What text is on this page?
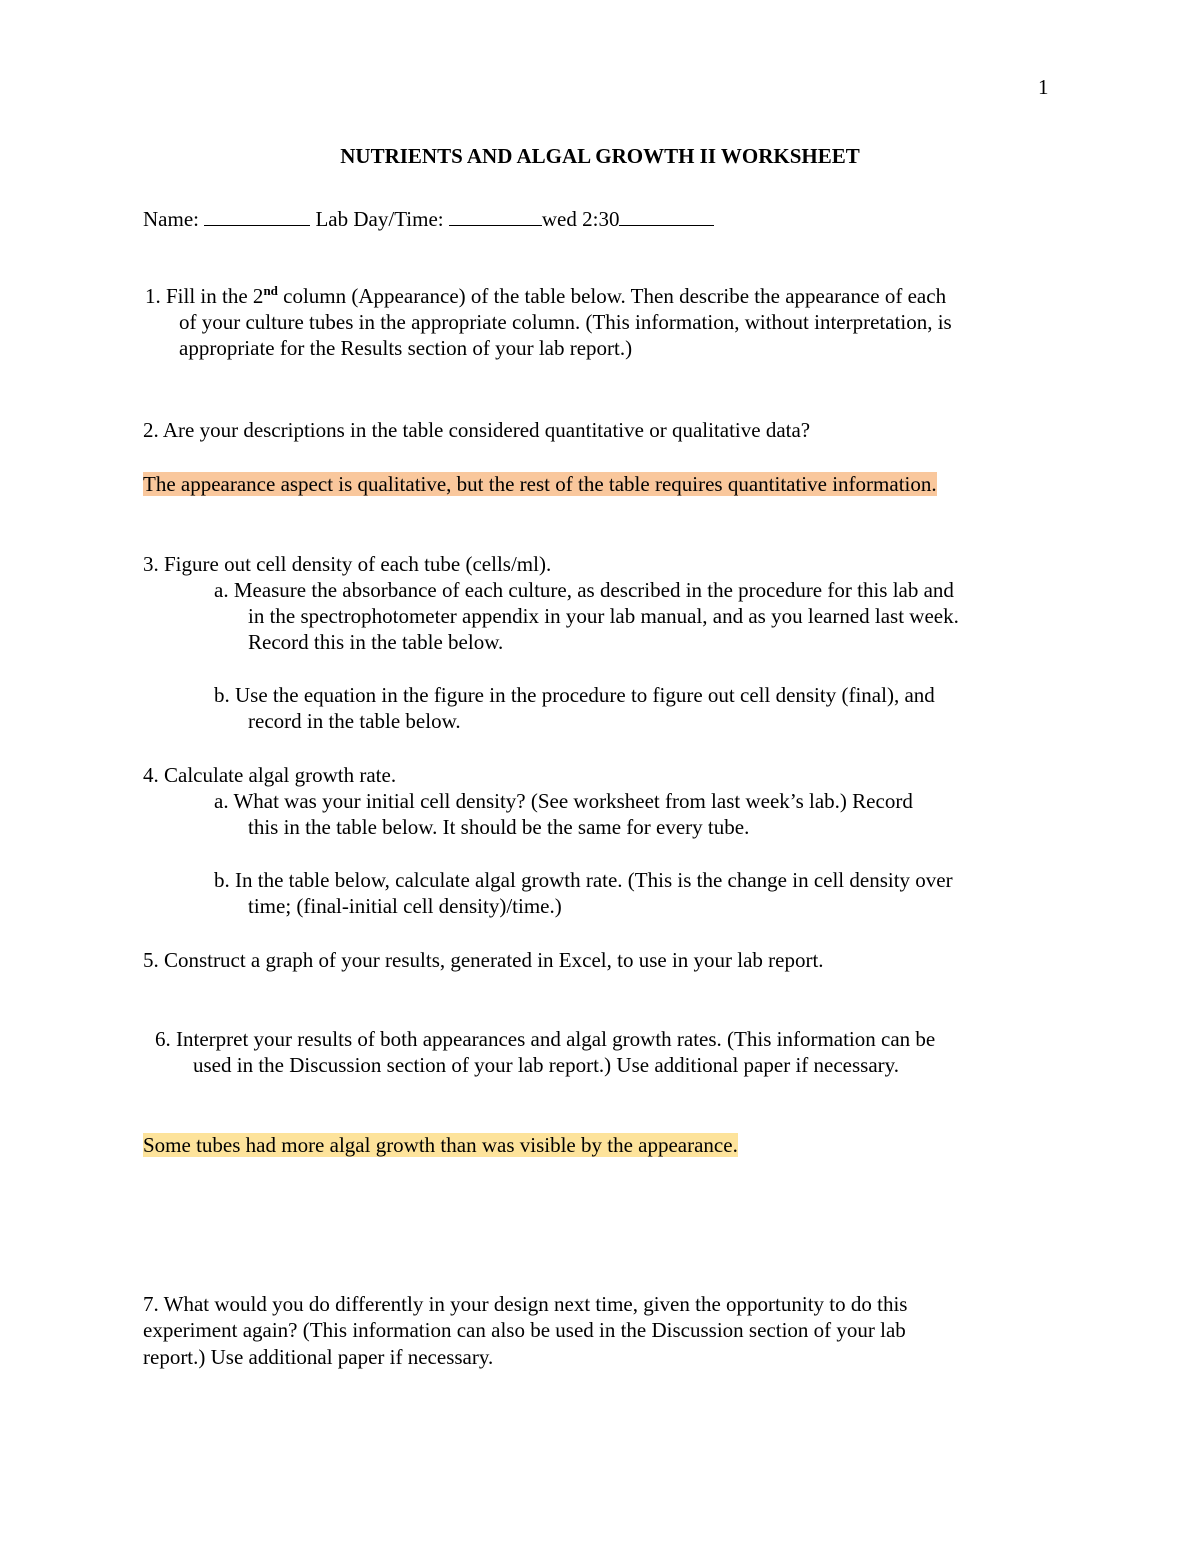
1
NUTRIENTS AND ALGAL GROWTH II WORKSHEET
Name:	Lab Day/Time:	wed 2:30
1. Fill in the 2nd column (Appearance) of the table below. Then describe the appearance of each
of your culture tubes in the appropriate column. (This information, without interpretation, is
appropriate for the Results section of your lab report.)
2. Are your descriptions in the table considered quantitative or qualitative data?
The appearance aspect is qualitative, but the rest of the table requires quantitative information.
3. Figure out cell density of each tube (cells/ml).
a. Measure the absorbance of each culture, as described in the procedure for this lab and
in the spectrophotometer appendix in your lab manual, and as you learned last week.
Record this in the table below.
b. Use the equation in the figure in the procedure to figure out cell density (final), and
record in the table below.
4. Calculate algal growth rate.
a. What was your initial cell density? (See worksheet from last week’s lab.) Record
this in the table below. It should be the same for every tube.
b. In the table below, calculate algal growth rate. (This is the change in cell density over
time; (final-initial cell density)/time.)
5. Construct a graph of your results, generated in Excel, to use in your lab report.
6. Interpret your results of both appearances and algal growth rates. (This information can be
used in the Discussion section of your lab report.) Use additional paper if necessary.
Some tubes had more algal growth than was visible by the appearance.
7. What would you do differently in your design next time, given the opportunity to do this
experiment again? (This information can also be used in the Discussion section of your lab
report.) Use additional paper if necessary.
